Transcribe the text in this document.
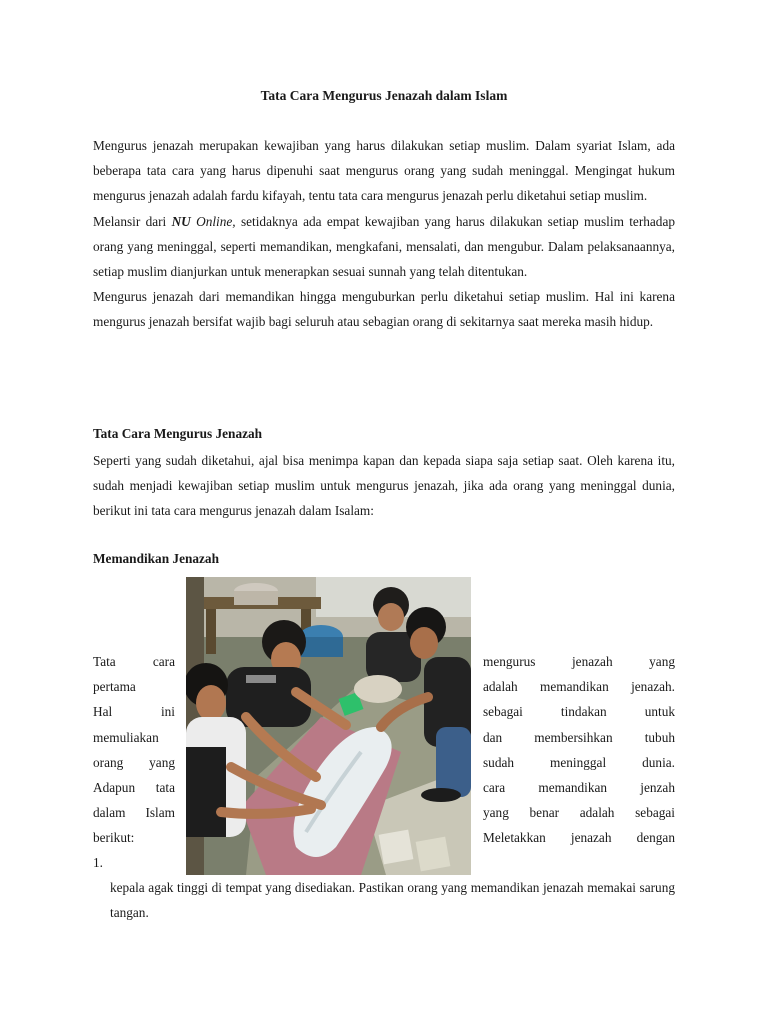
Tata Cara Mengurus Jenazah dalam Islam

Mengurus jenazah merupakan kewajiban yang harus dilakukan setiap muslim. Dalam syariat Islam, ada beberapa tata cara yang harus dipenuhi saat mengurus orang yang sudah meninggal. Mengingat hukum mengurus jenazah adalah fardu kifayah, tentu tata cara mengurus jenazah perlu diketahui setiap muslim.

Melansir dari NU Online, setidaknya ada empat kewajiban yang harus dilakukan setiap muslim terhadap orang yang meninggal, seperti memandikan, mengkafani, mensalati, dan mengubur. Dalam pelaksanaannya, setiap muslim dianjurkan untuk menerapkan sesuai sunnah yang telah ditentukan.

Mengurus jenazah dari memandikan hingga menguburkan perlu diketahui setiap muslim. Hal ini karena mengurus jenazah bersifat wajib bagi seluruh atau sebagian orang di sekitarnya saat mereka masih hidup.

Tata Cara Mengurus Jenazah
Seperti yang sudah diketahui, ajal bisa menimpa kapan dan kepada siapa saja setiap saat. Oleh karena itu, sudah menjadi kewajiban setiap muslim untuk mengurus jenazah, jika ada orang yang meninggal dunia, berikut ini tata cara mengurus jenazah dalam Isalam:
Memandikan Jenazah
Tata cara
pertama
Hal ini
memuliakan
orang yang
Adapun tata
dalam Islam
berikut:
mengurus jenazah yang
adalah memandikan jenazah.
sebagai tindakan untuk
dan membersihkan tubuh
sudah meninggal dunia.
cara memandikan jenzah
yang benar adalah sebagai
Meletakkan jenazah dengan
1.
kepala agak tinggi di tempat yang disediakan. Pastikan orang yang memandikan jenazah memakai sarung tangan.
